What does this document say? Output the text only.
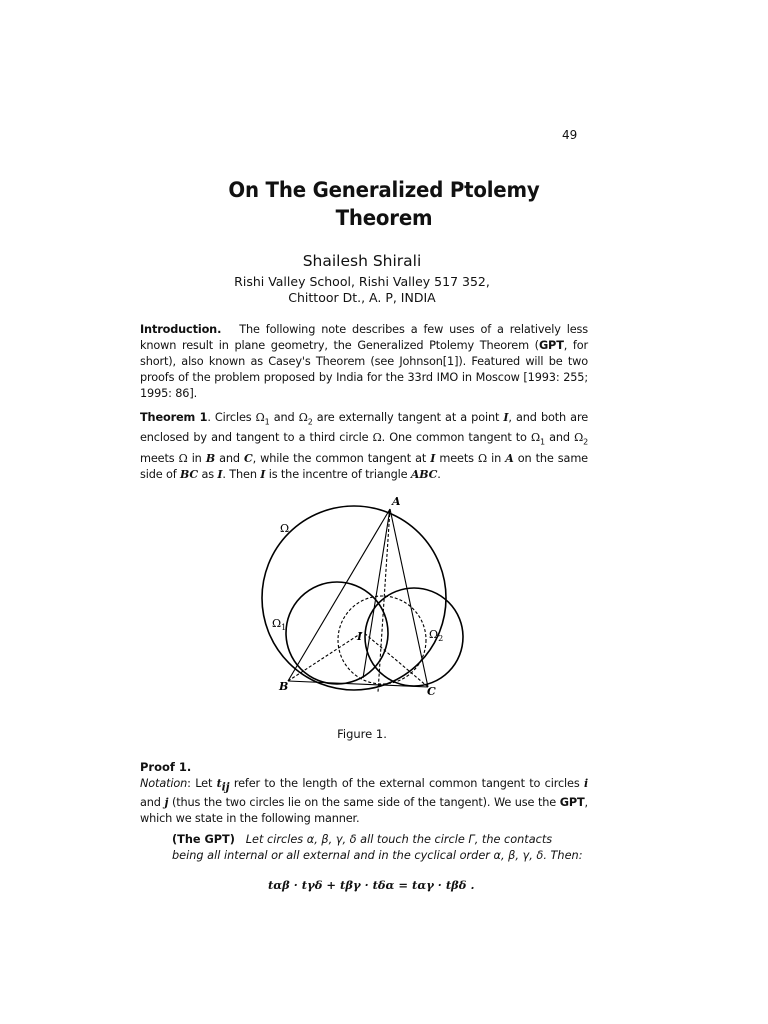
49
On The Generalized Ptolemy
Theorem
Shailesh Shirali
Rishi Valley School, Rishi Valley 517 352,
Chittoor Dt., A. P, INDIA
Introduction. The following note describes a few uses of a relatively less known result in plane geometry, the Generalized Ptolemy Theorem (GPT, for short), also known as Casey's Theorem (see Johnson[1]). Featured will be two proofs of the problem proposed by India for the 33rd IMO in Moscow [1993: 255; 1995: 86].
Theorem 1. Circles $\Omega_1$ and $\Omega_2$ are externally tangent at a point I, and both are enclosed by and tangent to a third circle Ω. One common tangent to $\Omega_1$ and $\Omega_2$ meets Ω in B and C, while the common tangent at I meets Ω in A on the same side of BC as I. Then I is the incentre of triangle ABC.
A
B	C
I
Ω
$\Omega_1$
$\Omega_2$
Figure 1.
Proof 1.
Notation: Let $t_{ij}$ refer to the length of the external common tangent to circles i and j (thus the two circles lie on the same side of the tangent). We use the GPT, which we state in the following manner.
(The GPT) Let circles α, β, γ, δ all touch the circle Γ, the contacts being all internal or all external and in the cyclical order α, β, γ, δ. Then:
tαβ · tγδ + tβγ · tδα = tαγ · tβδ .
